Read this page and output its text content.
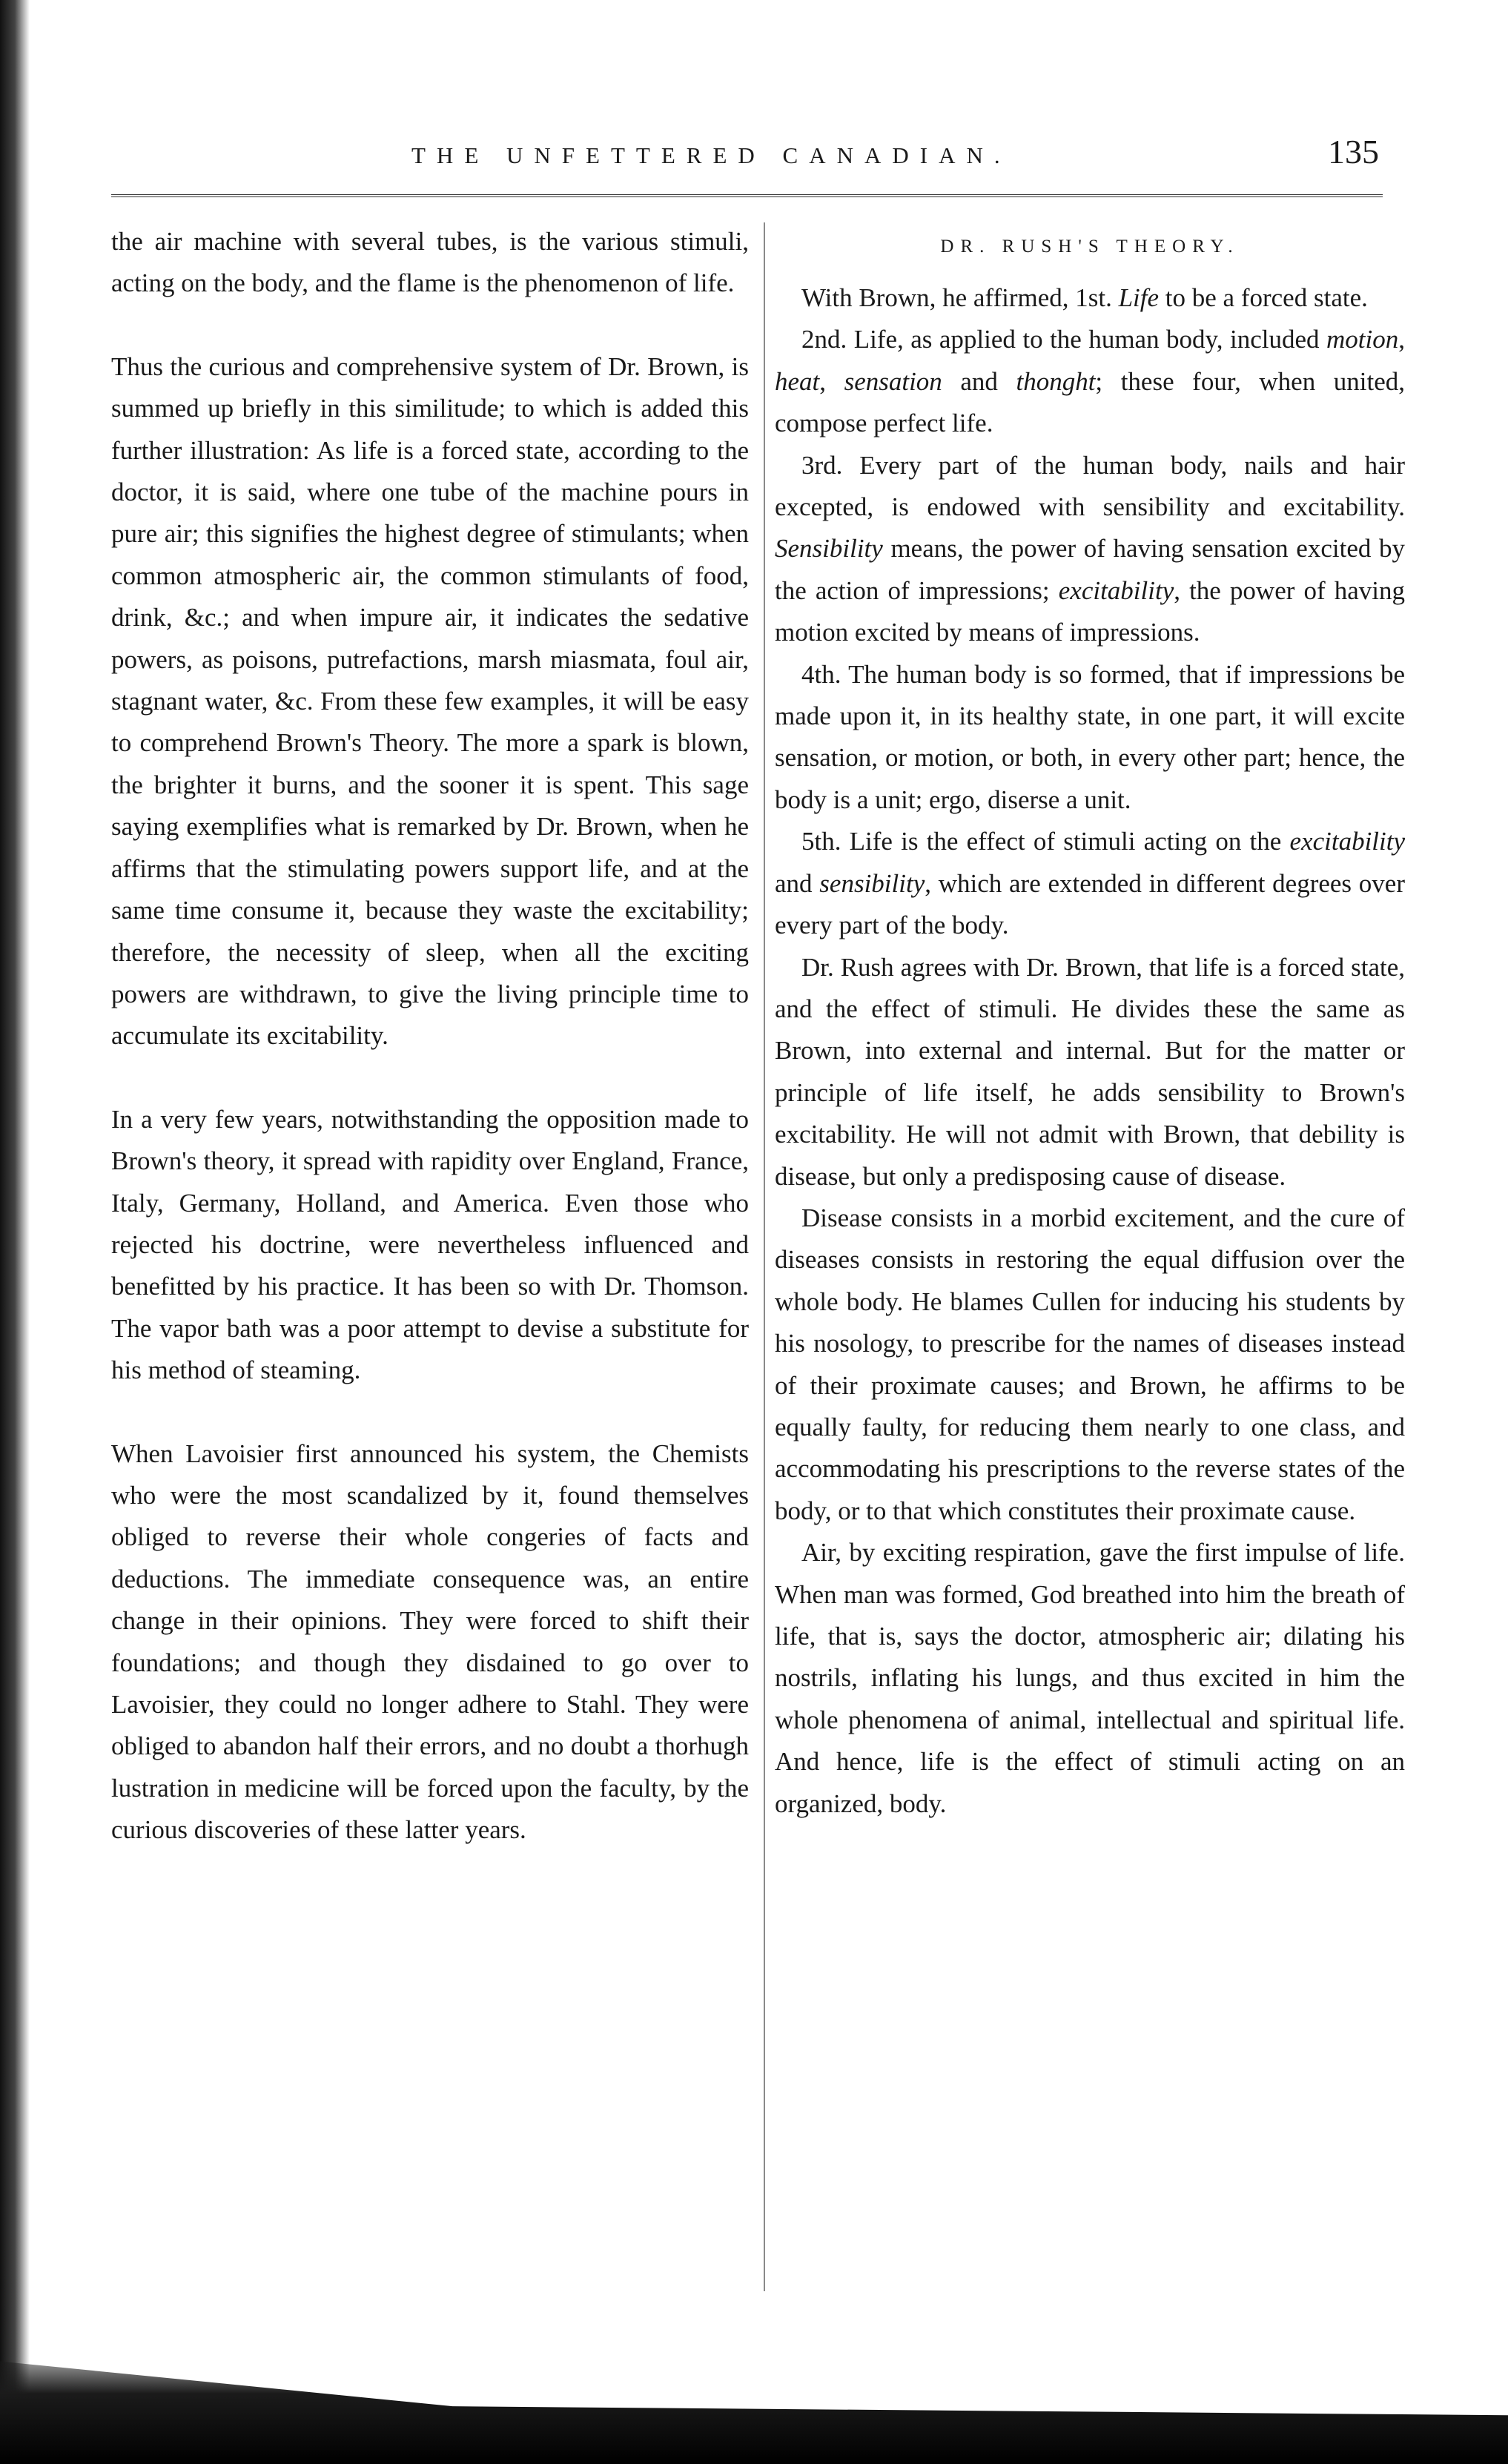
THE UNFETTERED CANADIAN.	135

the air machine with several tubes, is the various stimuli, acting on the body, and the flame is the phenomenon of life.

Thus the curious and comprehensive system of Dr. Brown, is summed up briefly in this similitude; to which is added this further illustration: As life is a forced state, according to the doctor, it is said, where one tube of the machine pours in pure air; this signifies the highest degree of stimulants; when common atmospheric air, the common stimulants of food, drink, &c.; and when impure air, it indicates the sedative powers, as poisons, putrefactions, marsh miasmata, foul air, stagnant water, &c. From these few examples, it will be easy to comprehend Brown's Theory. The more a spark is blown, the brighter it burns, and the sooner it is spent. This sage saying exemplifies what is remarked by Dr. Brown, when he affirms that the stimulating powers support life, and at the same time consume it, because they waste the excitability; therefore, the necessity of sleep, when all the exciting powers are withdrawn, to give the living principle time to accumulate its excitability.

In a very few years, notwithstanding the opposition made to Brown's theory, it spread with rapidity over England, France, Italy, Germany, Holland, and America. Even those who rejected his doctrine, were nevertheless influenced and benefitted by his practice. It has been so with Dr. Thomson. The vapor bath was a poor attempt to devise a substitute for his method of steaming.

When Lavoisier first announced his system, the Chemists who were the most scandalized by it, found themselves obliged to reverse their whole congeries of facts and deductions. The immediate consequence was, an entire change in their opinions. They were forced to shift their foundations; and though they disdained to go over to Lavoisier, they could no longer adhere to Stahl. They were obliged to abandon half their errors, and no doubt a thorhugh lustration in medicine will be forced upon the faculty, by the curious discoveries of these latter years.

DR. RUSH'S THEORY.

With Brown, he affirmed, 1st. Life to be a forced state.

2nd. Life, as applied to the human body, included motion, heat, sensation and thonght; these four, when united, compose perfect life.

3rd. Every part of the human body, nails and hair excepted, is endowed with sensibility and excitability. Sensibility means, the power of having sensation excited by the action of impressions; excitability, the power of having motion excited by means of impressions.

4th. The human body is so formed, that if impressions be made upon it, in its healthy state, in one part, it will excite sensation, or motion, or both, in every other part; hence, the body is a unit; ergo, diserse a unit.

5th. Life is the effect of stimuli acting on the excitability and sensibility, which are extended in different degrees over every part of the body.

Dr. Rush agrees with Dr. Brown, that life is a forced state, and the effect of stimuli. He divides these the same as Brown, into external and internal. But for the matter or principle of life itself, he adds sensibility to Brown's excitability. He will not admit with Brown, that debility is disease, but only a predisposing cause of disease.

Disease consists in a morbid excitement, and the cure of diseases consists in restoring the equal diffusion over the whole body. He blames Cullen for inducing his students by his nosology, to prescribe for the names of diseases instead of their proximate causes; and Brown, he affirms to be equally faulty, for reducing them nearly to one class, and accommodating his prescriptions to the reverse states of the body, or to that which constitutes their proximate cause.

Air, by exciting respiration, gave the first impulse of life. When man was formed, God breathed into him the breath of life, that is, says the doctor, atmospheric air; dilating his nostrils, inflating his lungs, and thus excited in him the whole phenomena of animal, intellectual and spiritual life. And hence, life is the effect of stimuli acting on an organized, body.
